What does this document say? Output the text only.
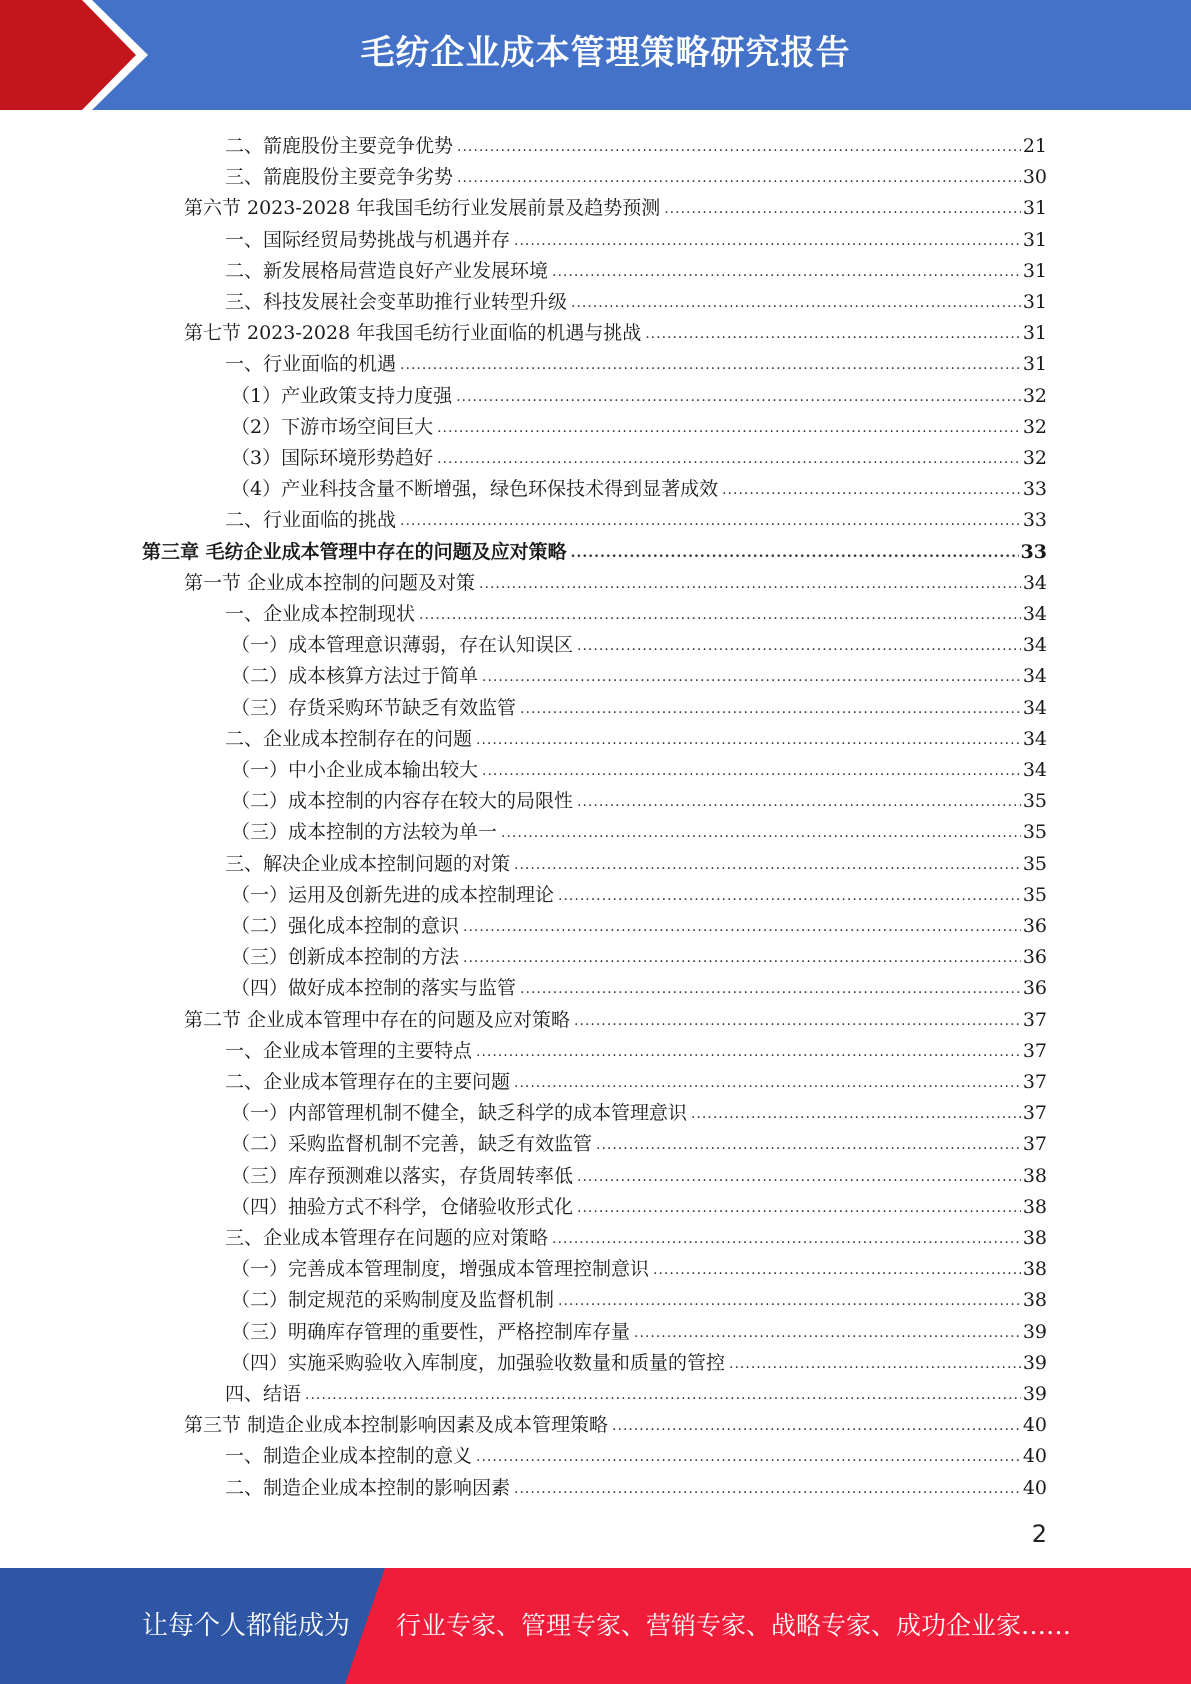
毛纺企业成本管理策略研究报告
二、箭鹿股份主要竞争优势 .....	21
三、箭鹿股份主要竞争劣势 .....	30
第六节 2023-2028 年我国毛纺行业发展前景及趋势预测 .....	31
一、国际经贸局势挑战与机遇并存 .....	31
二、新发展格局营造良好产业发展环境 .....	31
三、科技发展社会变革助推行业转型升级 .....	31
第七节 2023-2028 年我国毛纺行业面临的机遇与挑战 .....	31
一、行业面临的机遇 .....	31
（1）产业政策支持力度强 .....	32
（2）下游市场空间巨大 .....	32
（3）国际环境形势趋好 .....	32
（4）产业科技含量不断增强，绿色环保技术得到显著成效 .....	33
二、行业面临的挑战 .....	33
第三章 毛纺企业成本管理中存在的问题及应对策略 .....	33
第一节 企业成本控制的问题及对策 .....	34
一、企业成本控制现状 .....	34
（一）成本管理意识薄弱，存在认知误区 .....	34
（二）成本核算方法过于简单 .....	34
（三）存货采购环节缺乏有效监管 .....	34
二、企业成本控制存在的问题 .....	34
（一）中小企业成本输出较大 .....	34
（二）成本控制的内容存在较大的局限性 .....	35
（三）成本控制的方法较为单一 .....	35
三、解决企业成本控制问题的对策 .....	35
（一）运用及创新先进的成本控制理论 .....	35
（二）强化成本控制的意识 .....	36
（三）创新成本控制的方法 .....	36
（四）做好成本控制的落实与监管 .....	36
第二节 企业成本管理中存在的问题及应对策略 .....	37
一、企业成本管理的主要特点 .....	37
二、企业成本管理存在的主要问题 .....	37
（一）内部管理机制不健全，缺乏科学的成本管理意识 .....	37
（二）采购监督机制不完善，缺乏有效监管 .....	37
（三）库存预测难以落实，存货周转率低 .....	38
（四）抽验方式不科学，仓储验收形式化 .....	38
三、企业成本管理存在问题的应对策略 .....	38
（一）完善成本管理制度，增强成本管理控制意识 .....	38
（二）制定规范的采购制度及监督机制 .....	38
（三）明确库存管理的重要性，严格控制库存量 .....	39
（四）实施采购验收入库制度，加强验收数量和质量的管控 .....	39
四、结语 .....	39
第三节 制造企业成本控制影响因素及成本管理策略 .....	40
一、制造企业成本控制的意义 .....	40
二、制造企业成本控制的影响因素 .....	40
2
让每个人都能成为 行业专家、管理专家、营销专家、战略专家、成功企业家……
